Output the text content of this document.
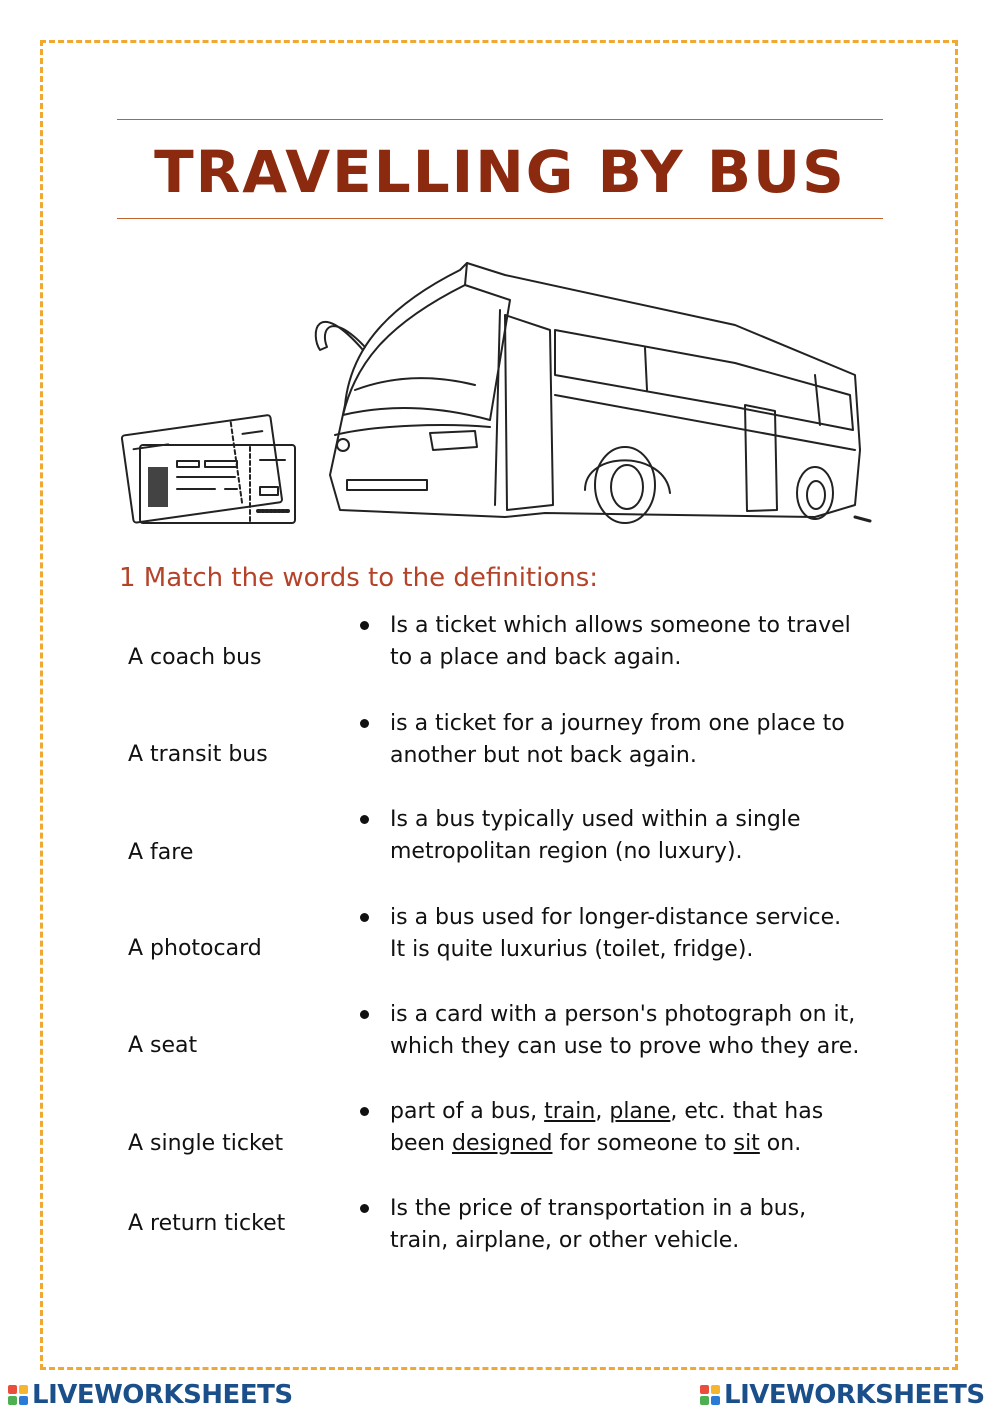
TRAVELLING BY BUS
1 Match the words to the definitions:
A coach bus
A transit bus
A fare
A photocard
A seat
A single ticket
A return ticket
Is a ticket which allows someone to travel
to a place and back again.
is a ticket for a journey from one place to
another but not back again.
Is a bus typically used within a single
metropolitan region (no luxury).
is a bus used for longer-distance service.
It is quite luxurius (toilet, fridge).
is a card with a person's photograph on it,
which they can use to prove who they are.
part of a bus, train, plane, etc. that has
been designed for someone to sit on.
Is the price of transportation in a bus,
train, airplane, or other vehicle.
LIVEWORKSHEETS	LIVEWORKSHEETS
